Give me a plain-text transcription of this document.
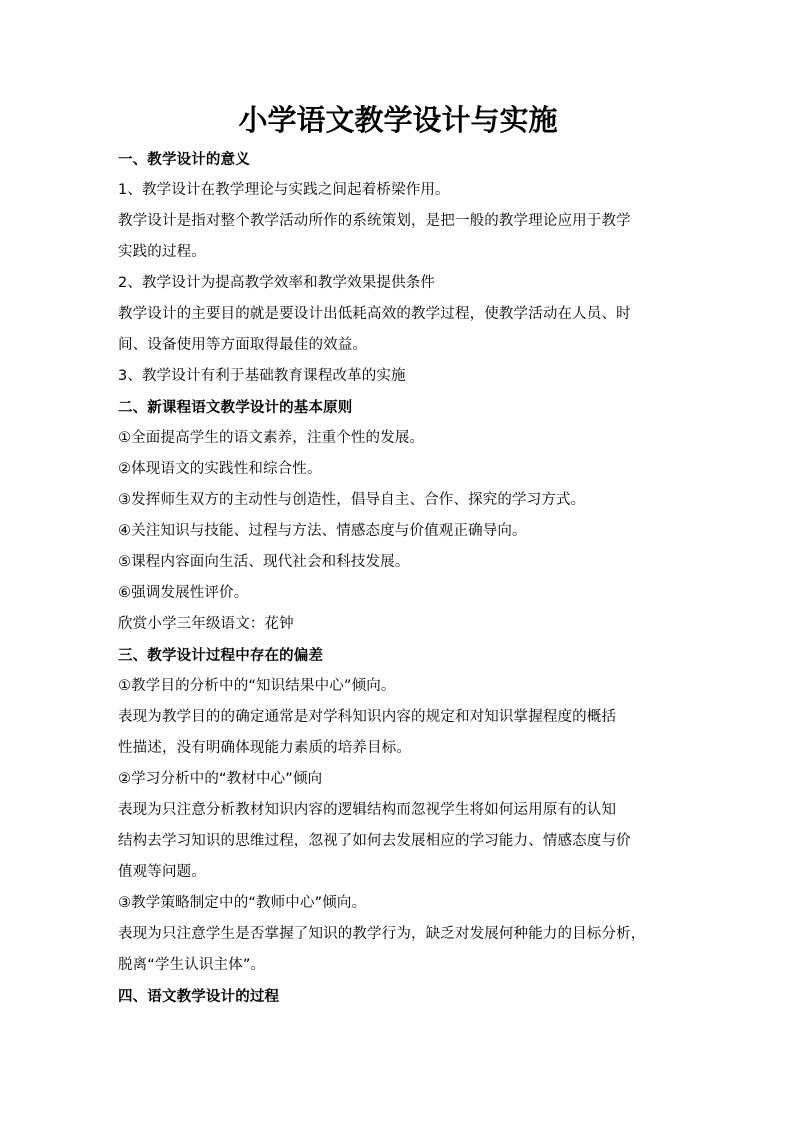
小学语文教学设计与实施
一、教学设计的意义
1、教学设计在教学理论与实践之间起着桥梁作用。
教学设计是指对整个教学活动所作的系统策划，是把一般的教学理论应用于教学
实践的过程。
2、教学设计为提高教学效率和教学效果提供条件
教学设计的主要目的就是要设计出低耗高效的教学过程，使教学活动在人员、时
间、设备使用等方面取得最佳的效益。
3、教学设计有利于基础教育课程改革的实施
二、新课程语文教学设计的基本原则
①全面提高学生的语文素养，注重个性的发展。
②体现语文的实践性和综合性。
③发挥师生双方的主动性与创造性，倡导自主、合作、探究的学习方式。
④关注知识与技能、过程与方法、情感态度与价值观正确导向。
⑤课程内容面向生活、现代社会和科技发展。
⑥强调发展性评价。
欣赏小学三年级语文：花钟
三、教学设计过程中存在的偏差
①教学目的分析中的“知识结果中心”倾向。
表现为教学目的的确定通常是对学科知识内容的规定和对知识掌握程度的概括
性描述，没有明确体现能力素质的培养目标。
②学习分析中的“教材中心”倾向
表现为只注意分析教材知识内容的逻辑结构而忽视学生将如何运用原有的认知
结构去学习知识的思维过程，忽视了如何去发展相应的学习能力、情感态度与价
值观等问题。
③教学策略制定中的“教师中心”倾向。
表现为只注意学生是否掌握了知识的教学行为，缺乏对发展何种能力的目标分析，
脱离“学生认识主体”。
四、语文教学设计的过程
